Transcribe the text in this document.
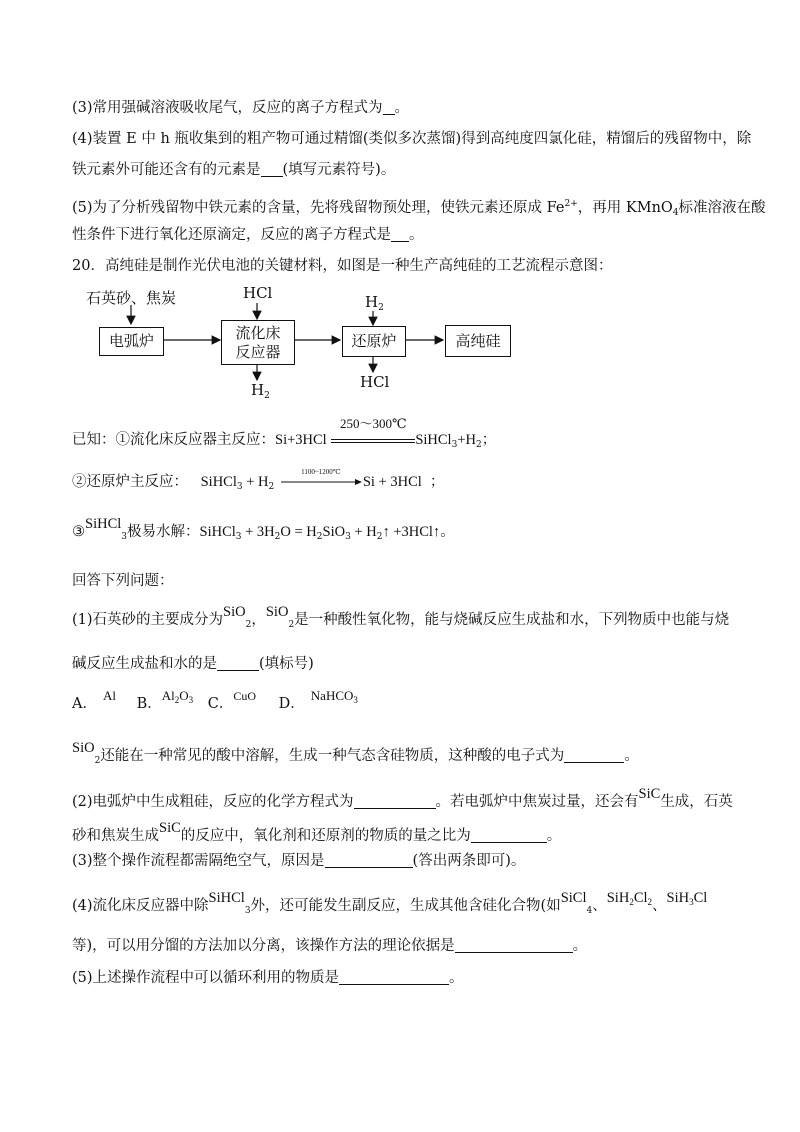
(3)常用强碱溶液吸收尾气，反应的离子方程式为 。
(4)装置 E 中 h 瓶收集到的粗产物可通过精馏(类似多次蒸馏)得到高纯度四氯化硅，精馏后的残留物中，除
铁元素外可能还含有的元素是 (填写元素符号)。
(5)为了分析残留物中铁元素的含量，先将残留物预处理，使铁元素还原成 $Fe^{2+}$，再用 KMnO$_4$标准溶液在酸
性条件下进行氧化还原滴定，反应的离子方程式是 。
20．高纯硅是制作光伏电池的关键材料，如图是一种生产高纯硅的工艺流程示意图：
石英砂、焦炭
电弧炉
HCl
流化床
反应器
$H_2$
$H_2$
还原炉
HCl
高纯硅
已知：①流化床反应器主反应：Si+3HCl
250～300℃
$SiHCl_3+H_2$；
②还原炉主反应： SiHCl$_3$ + $H_2$
1100~1200℃
Si + 3HCl ；
③SiHCl$_3$极易水解：SiHCl$_3$ + $3H_2O = H_2SiO_3$ + $H_2↑$ +3HCl↑。
回答下列问题：
(1)石英砂的主要成分为SiO$_2$，SiO$_2$是一种酸性氧化物，能与烧碱反应生成盐和水，下列物质中也能与烧
碱反应生成盐和水的是	(填标号)
A．Al B．$Al_2O_3$ C．$^{CuO}$ D．NaHCO$_3$
SiO$_2$还能在一种常见的酸中溶解，生成一种气态含硅物质，这种酸的电子式为	。
(2)电弧炉中生成粗硅，反应的化学方程式为	。若电弧炉中焦炭过量，还会有SiC生成，石英
砂和焦炭生成SiC的反应中，氧化剂和还原剂的物质的量之比为	。
(3)整个操作流程都需隔绝空气，原因是	(答出两条即可)。
(4)流化床反应器中除SiHCl$_3$外，还可能发生副反应，生成其他含硅化合物(如SiCl$_4$、$SiH_2Cl_2$、SiH$_3$Cl
等)，可以用分馏的方法加以分离，该操作方法的理论依据是	。
(5)上述操作流程中可以循环利用的物质是	。
